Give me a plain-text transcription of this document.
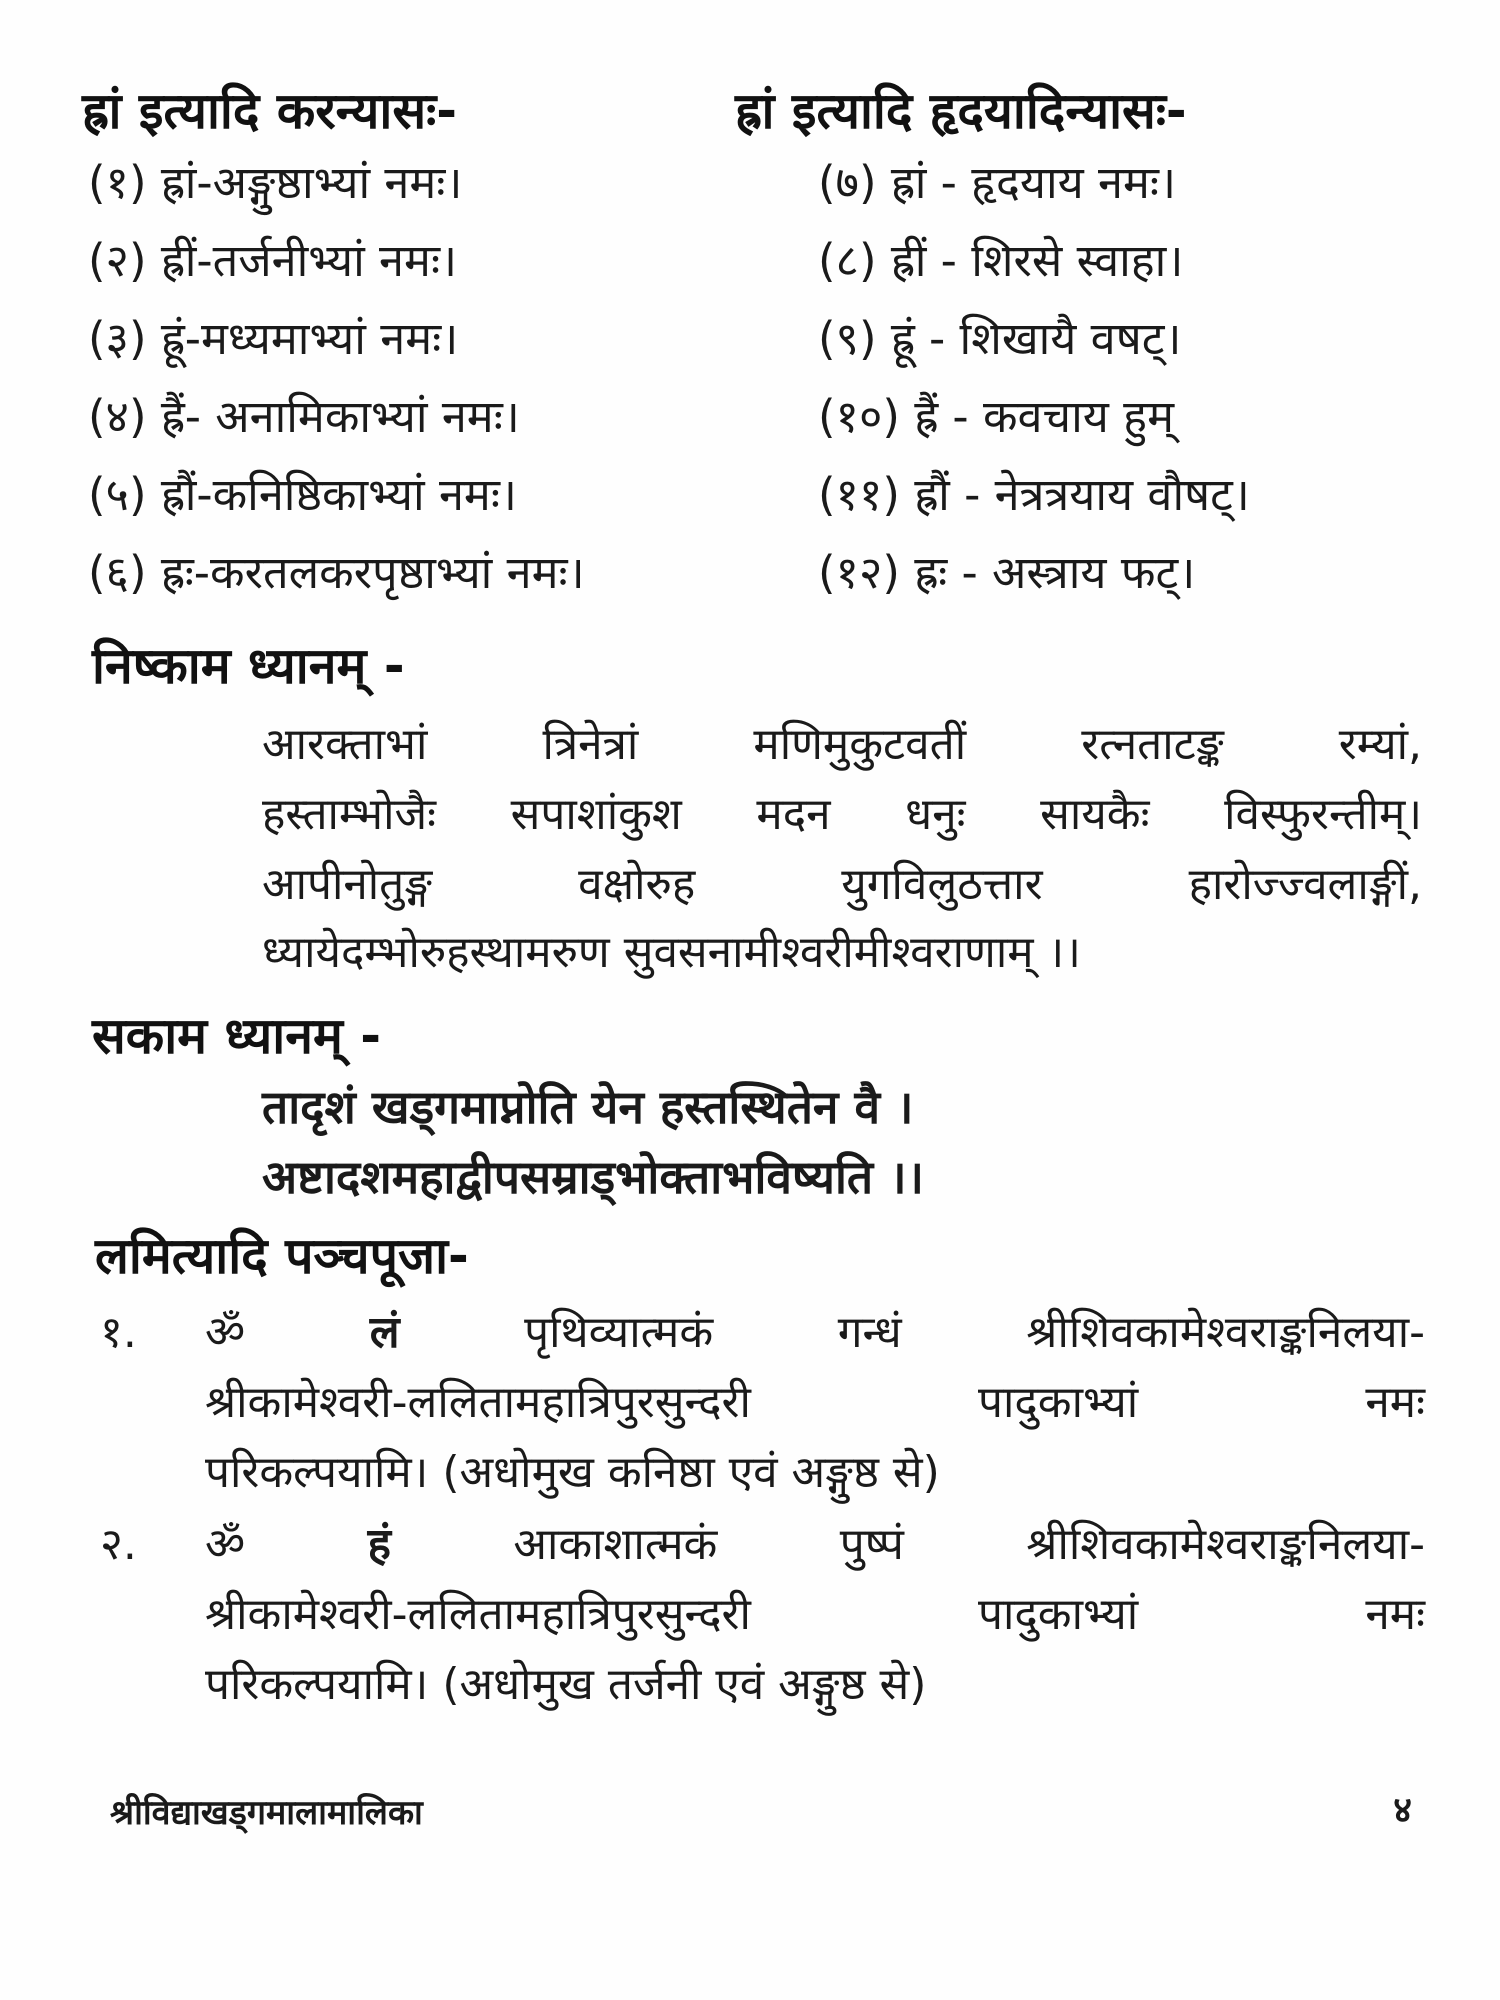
ह्रां इत्यादि करन्यासः-	ह्रां इत्यादि हृदयादिन्यासः-
(१) ह्रां-अङ्गुष्ठाभ्यां नमः।
(२) ह्रीं-तर्जनीभ्यां नमः।
(३) ह्रूं-मध्यमाभ्यां नमः।
(४) ह्रैं- अनामिकाभ्यां नमः।
(५) ह्रौं-कनिष्ठिकाभ्यां नमः।
(६) ह्रः-करतलकरपृष्ठाभ्यां नमः।
(७) ह्रां - हृदयाय नमः।
(८) ह्रीं - शिरसे स्वाहा।
(९) ह्रूं - शिखायै वषट्।
(१०) ह्रैं - कवचाय हुम्
(११) ह्रौं - नेत्रत्रयाय वौषट्।
(१२) ह्रः - अस्त्राय फट्।
निष्काम ध्यानम् -
आरक्ताभां त्रिनेत्रां मणिमुकुटवतीं रत्नताटङ्क रम्यां,
हस्ताम्भोजैः सपाशांकुश मदन धनुः सायकैः विस्फुरन्तीम्।
आपीनोतुङ्ग वक्षोरुह युगविलुठत्तार हारोज्ज्वलाङ्गीं,
ध्यायेदम्भोरुहस्थामरुण सुवसनामीश्वरीमीश्वराणाम् ।।
सकाम ध्यानम् -
तादृशं खड्गमाप्नोति येन हस्तस्थितेन वै ।
अष्टादशमहाद्वीपसम्राड्भोक्ताभविष्यति ।।
लमित्यादि पञ्चपूजा-
१. ॐ	लं	पृथिव्यात्मकं गन्धं श्रीशिवकामेश्वराङ्कनिलया-
श्रीकामेश्वरी-ललितामहात्रिपुरसुन्दरी पादुकाभ्यां नमः
परिकल्पयामि। (अधोमुख कनिष्ठा एवं अङ्गुष्ठ से)
२. ॐ	हं	आकाशात्मकं पुष्पं श्रीशिवकामेश्वराङ्कनिलया-
श्रीकामेश्वरी-ललितामहात्रिपुरसुन्दरी पादुकाभ्यां नमः
परिकल्पयामि। (अधोमुख तर्जनी एवं अङ्गुष्ठ से)
श्रीविद्याखड्गमालामालिका	४
